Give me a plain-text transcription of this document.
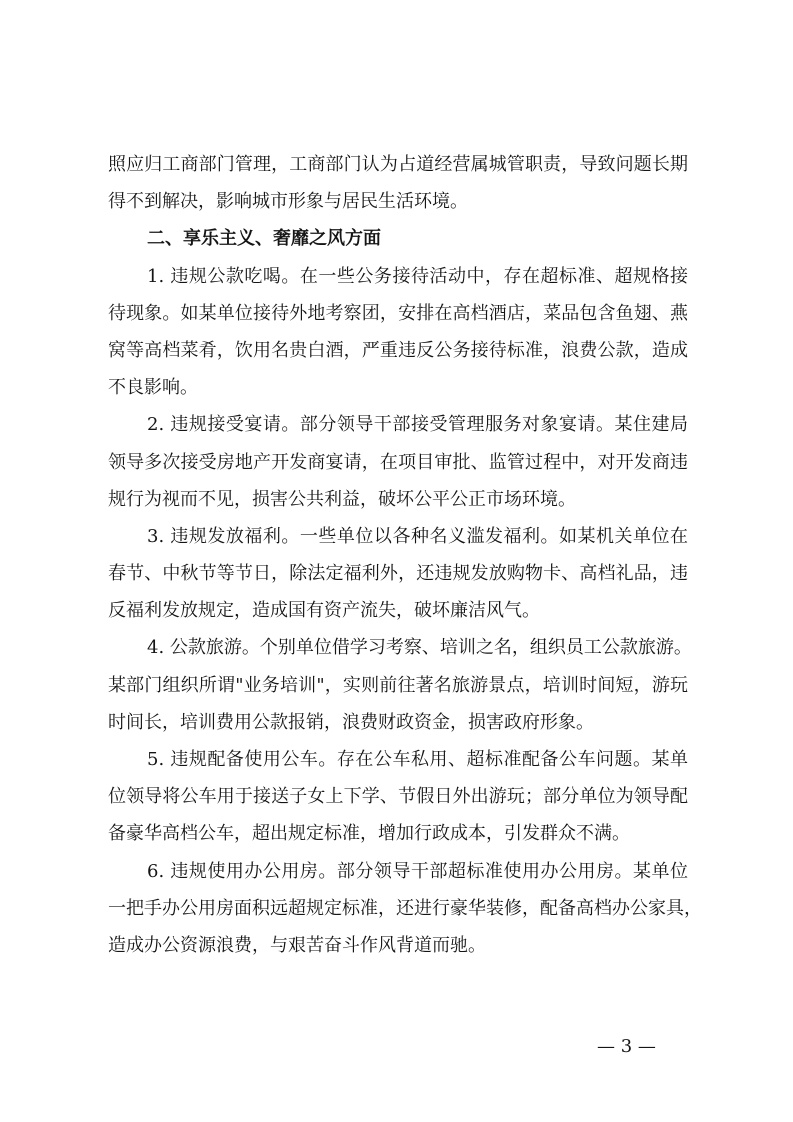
照应归工商部门管理，工商部门认为占道经营属城管职责，导致问题长期
得不到解决，影响城市形象与居民生活环境。
二、享乐主义、奢靡之风方面
1. 违规公款吃喝。在一些公务接待活动中，存在超标准、超规格接
待现象。如某单位接待外地考察团，安排在高档酒店，菜品包含鱼翅、燕
窝等高档菜肴，饮用名贵白酒，严重违反公务接待标准，浪费公款，造成
不良影响。
2. 违规接受宴请。部分领导干部接受管理服务对象宴请。某住建局
领导多次接受房地产开发商宴请，在项目审批、监管过程中，对开发商违
规行为视而不见，损害公共利益，破坏公平公正市场环境。
3. 违规发放福利。一些单位以各种名义滥发福利。如某机关单位在
春节、中秋节等节日，除法定福利外，还违规发放购物卡、高档礼品，违
反福利发放规定，造成国有资产流失，破坏廉洁风气。
4. 公款旅游。个别单位借学习考察、培训之名，组织员工公款旅游。
某部门组织所谓"业务培训"，实则前往著名旅游景点，培训时间短，游玩
时间长，培训费用公款报销，浪费财政资金，损害政府形象。
5. 违规配备使用公车。存在公车私用、超标准配备公车问题。某单
位领导将公车用于接送子女上下学、节假日外出游玩；部分单位为领导配
备豪华高档公车，超出规定标准，增加行政成本，引发群众不满。
6. 违规使用办公用房。部分领导干部超标准使用办公用房。某单位
一把手办公用房面积远超规定标准，还进行豪华装修，配备高档办公家具，
造成办公资源浪费，与艰苦奋斗作风背道而驰。
— 3 —
